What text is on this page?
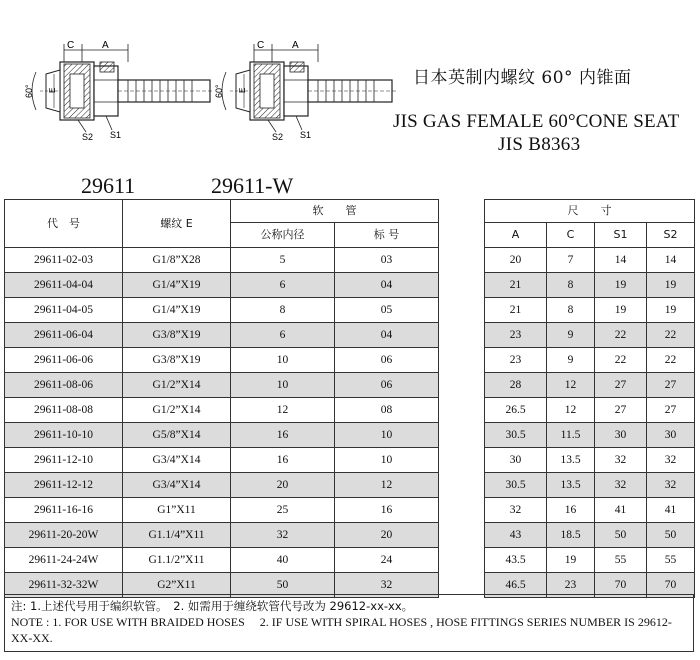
C	A
60° E
S2 S1
C	A
60° E
S2 S1
日本英制内螺纹 60° 内锥面
JIS GAS FEMALE 60°CONE SEAT
JIS B8363
29611	29611-W
代　号	螺纹 E	软　　管			尺　　寸			
		公称内径	标 号		A	C	S1	S2
29611-02-03	G1/8”X28	5	03		20	7	14	14
29611-04-04	G1/4”X19	6	04		21	8	19	19
29611-04-05	G1/4”X19	8	05		21	8	19	19
29611-06-04	G3/8”X19	6	04		23	9	22	22
29611-06-06	G3/8”X19	10	06		23	9	22	22
29611-08-06	G1/2”X14	10	06		28	12	27	27
29611-08-08	G1/2”X14	12	08		26.5	12	27	27
29611-10-10	G5/8”X14	16	10		30.5	11.5	30	30
29611-12-10	G3/4”X14	16	10		30	13.5	32	32
29611-12-12	G3/4”X14	20	12		30.5	13.5	32	32
29611-16-16	G1”X11	25	16		32	16	41	41
29611-20-20W	G1.1/4”X11	32	20		43	18.5	50	50
29611-24-24W	G1.1/2”X11	40	24		43.5	19	55	55
29611-32-32W	G2”X11	50	32		46.5	23	70	70
注: 1.上述代号用于编织软管。　2. 如需用于缠绕软管代号改为 29612-xx-xx。
NOTE : 1. FOR USE WITH BRAIDED HOSES　 2. IF USE WITH SPIRAL HOSES , HOSE FITTINGS SERIES NUMBER IS 29612-XX-XX.
